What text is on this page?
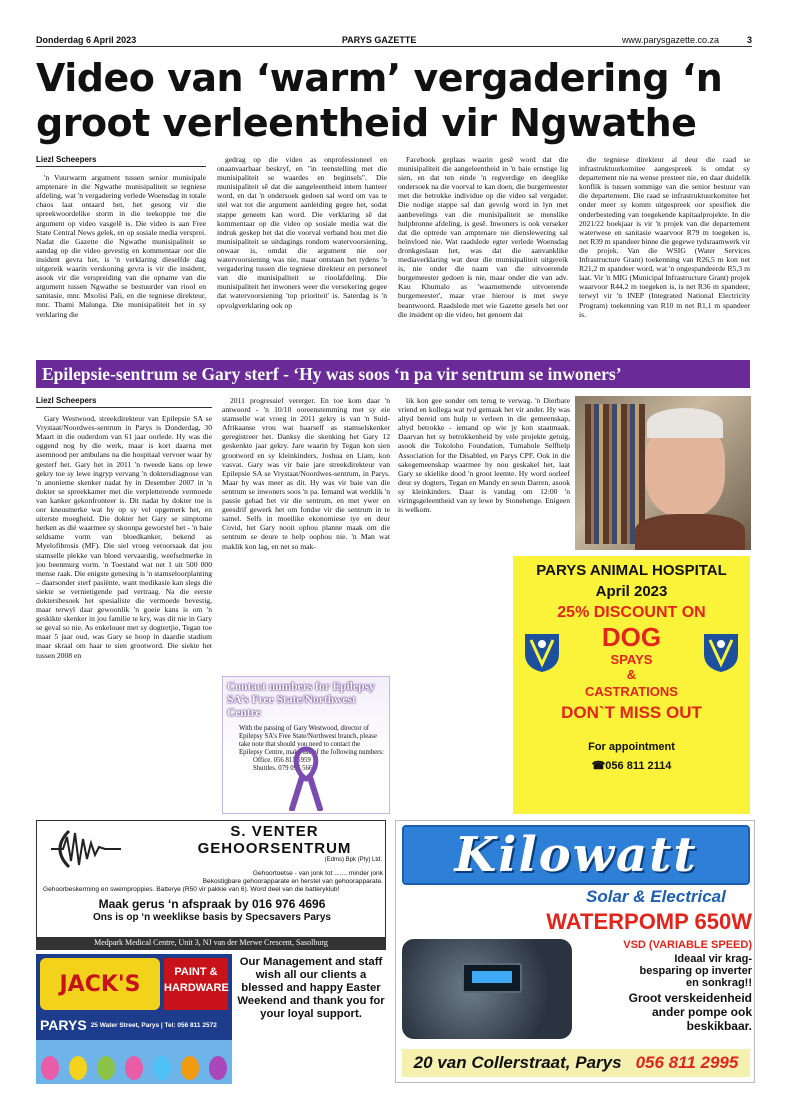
Donderdag 6 April 2023	PARYS GAZETTE	www.parysgazette.co.za	3
Video van ‘warm’ vergadering ‘n
groot verleentheid vir Ngwathe
Liezl Scheepers

'n Vuurwarm argument tussen senior munisipale amptenare in die Ngwathe munisipaliteit se tegniese afdeling, wat 'n vergadering verlede Woensdag in totale chaos laat ontaard het, het gesorg vir die spreekwoordelike storm in die teekoppie toe die argument op video vasgelê is. Die video is aan Free State Central News gelek, en op sosiale media versprei. Nadat die Gazette die Ngwathe munisipaliteit se aandag op die video gevestig en kommentaar oor die insident gevra het, is 'n verklaring dieselfde dag uitgereik waarin verskoning gevra is vir die insident, asook vir die verspreiding van die opname van die argument tussen Ngwathe se bestuurder van riool en sanitasie, mnr. Mxolisi Pali, en die tegniese direkteur, mnr. Thami Malunga. Die munisipaliteit het in sy verklaring die

gedrag op die video as onprofessioneel en onaanvaarbaar beskryf, en "in teenstelling met die munisipaliteit se waardes en beginsels". Die munisipaliteit sê dat die aangeleentheid intern hanteer word, en dat 'n ondersoek gedoen sal word om vas te stel wat tot die argument aanleiding gegee het, sodat stappe geneem kan word. Die verklaring sê dat kommentaar op die video op sosiale media wat die indruk geskep het dat die voorval verband hou met die munisipaliteit se uitdagings rondom watervoorsiening, onwaar is, omdat die argument nie oor watervoorsiening was nie, maar ontstaan het tydens 'n vergadering tussen die tegniese direkteur en personeel van die munisipaliteit se rioolafdeling. Die munisipaliteit het inwoners weer die versekering gegee dat watervoorsiening 'top prioriteit' is. Saterdag is 'n opvolgverklaring ook op

Facebook geplaas waarin gesê word dat die munisipaliteit die aangeleentheid in 'n baie ernstige lig sien, en dat ten einde 'n regverdige en deeglike ondersoek na die voorval te kan doen, die burgemeester met die betrokke individue op die video sal vergader. Die nodige stappe sal dan gevolg word in lyn met aanbevelings van die munisipaliteit se menslike hulpbronne afdeling, is gesê. Inwoners is ook verseker dat die optrede van amptenare nie dienslewering sal beïnvloed nie. Wat raadslede egter verlede Woensdag dronkgeslaan het, was dat die aanvanklike mediaverklaring wat deur die munisipaliteit uitgereik is, nie onder die naam van die uitvoerende burgemeester gedoen is nie, maar onder die van adv. Kau Khumalo as 'waarnemende uitvoerende burgemeester', maar vrae hieroor is met swye beantwoord. Raadslede met wie Gazette gesels het oor die insident op die video, het genoem dat

die tegniese direkteur al deur die raad se infrastruktuurkomitee aangespreek is omdat sy departement nie na wense presteer nie, en daar duidelik konflik is tussen sommige van die senior bestuur van die departement. Die raad se infrastruktuurkomitee het onder meer sy komm uitgespreek oor spesifiek die onderbesteding van toegekende kapitaalprojekte. In die 2021/22 boekjaar is vir 'n projek van die departement waterwese en sanitasie waarvoor R79 m toegeken is, net R39 m spandeer binne die gegewe tydsraamwerk vir die projek. Van die WSIG (Water Services Infrastructure Grant) toekenning van R26,5 m kon net R21,2 m spandeer word, wat 'n ongespandeerde R5,3 m laat. Vir 'n MIG (Municipal Infrastructure Grant) projek waarvoor R44,2 m toegeken is, is net R36 m spandeer, terwyl vir 'n INEP (Integrated National Electricity Program) toekenning van R10 m net R1,1 m spandeer is.

Epilepsie-sentrum se Gary sterf - ‘Hy was soos ‘n pa vir sentrum se inwoners’
Liezl Scheepers

Gary Westwood, streekdirekteur van Epilepsie SA se Vrystaat/Noordwes-sentrum in Parys is Donderdag, 30 Maart in die ouderdom van 61 jaar oorlede. Hy was die oggend nog by die werk, maar is kort daarna met asemnood per ambulans na die hospitaal vervoer waar hy gesterf het. Gary het in 2011 'n tweede kans op lewe gekry toe sy lewe ingryp vervang 'n doktersdiagnose van 'n anonieme skenker nadat hy in Desember 2007 in 'n dokter se spreekkamer met die verpletterende vermoede van kanker gekonfronteer is. Dit nadat hy dokter toe is oor kneusmerke wat hy op sy vel opgemerk het, en uiterste moegheid. Die dokter het Gary se simptome herken as dié waarmee sy skoonpa geworstel het - 'n baie seldsame vorm van bloedkanker, bekend as Myelofibrosis (MF). Die siel vroeg veroorsaak dat jou stamselle plekke van bloed vervaardig, weefselmerke in jou beenmurg vorm. 'n Toestand wat net 1 uit 500 000 mense raak. Die enigste genesing is 'n stamseloorplanting – daarsonder sterf pasiënte, want medikasie kan slegs die siekte se vernietigende pad vertraag. Na die eerste doktersbesoek het spesialiste die vermoede bevestig, maar terwyl daar gewoonlik 'n goeie kans is om 'n geskikte skenker in jou familie te kry, was dit nie in Gary se geval so nie. As enkelouer met sy dogtertjie, Tegan toe maar 5 jaar oud, was Gary se hoop in daardie stadium maar skraal om haar te sien grootword. Die siekte het tussen 2008 en

2011 progressief vererger. En toe kom daar 'n antwoord - 'n 10/10 ooreenstemming met sy eie stamselle wat vroeg in 2011 gekry is van 'n Suid-Afrikaanse vrou wat haarself as stamselskenker geregistreer het. Danksy die skenking het Gary 12 geskenkte jaar gekry. Jare waarin hy Tegan kon sien grootword en sy kleinkinders, Joshua en Liam, kon vasvat. Gary was vir baie jare streekdirekteur van Epilepsie SA se Vrystaat/Noordwes-sentrum, in Parys. Maar hy was meer as dit. Hy was vir baie van die sentrum se inwoners soos 'n pa. Iemand wat werklik 'n passie gehad het vir die sentrum, en met ywer en geesdrif gewerk het om fondse vir die sentrum in te samel. Selfs in moeilike ekonomiese tye en deur Covid, het Gary nooit ophou planne maak om die sentrum se deure te help oophou nie. 'n Man wat maklik kon lag, en net so mak-

lik kon gee sonder om terug te verwag. 'n Dierbare vriend en kollega wat tyd gemaak het vir ander. Hy was altyd bereid om hulp te verleen in die gemeenskap, altyd betrokke - iemand op wie jy kon staatmaak. Daarvan het sy betrokkenheid by vele projekte getuig, asook die Tokoloho Foundation, Tumahole Selfhelp Association for the Disabled, en Parys CPF. Ook in die sakegemeenskap waarmee hy nou geskakel het, laat Gary se skielike dood 'n groot leemte. Hy word oorleef deur sy dogters, Tegan en Mandy en seun Darren, asook sy kleinkinders. Daar is vandag om 12:00 'n viringsgeleentheid van sy lewe by Stonehenge. Enigeen is welkom.

Contact numbers for Epilepsy
SA’s Free State/Northwest Centre
With the passing of Gary Westwood, director of Epilepsy SA's Free State/Northwest branch, please take note that should you need to contact the Epilepsy Centre, make use of the following numbers:
Office. 056 811 5959
Shuttles. 079 096 5667
PARYS ANIMAL HOSPITAL
April 2023
25% DISCOUNT ON
DOG
SPAYS
&
CASTRATIONS
DON`T MISS OUT
For appointment
☎056 811 2114
S. VENTER
GEHOORSENTRUM
(Edms) Bpk (Pty) Ltd.
Gehoortoetse - van jonk tot ....... minder jonk
Bekostigbare gehoorapparate en herstel van gehoorapparate.
Gehoorbeskerming en swemproppies. Batterye (R50 vir pakkie van 6). Word deel van die batteryklub!
Maak gerus ‘n afspraak by 016 976 4696
Ons is op ‘n weeklikse basis by Specsavers Parys
Medpark Medical Centre, Unit 3, NJ van der Merwe Crescent, Sasolburg
Kilowatt
Solar & Electrical
WATERPOMP 650W
VSD (VARIABLE SPEED)
Ideaal vir krag-
besparing op inverter
en sonkrag!!
Groot verskeidenheid
ander pompe ook
beskikbaar.
20 van Collerstraat, Parys 056 811 2995
JACK'S	PAINT &
HARDWARE
PARYS 25 Water Street, Parys | Tel: 056 811 2572
Our Management and staff wish all our clients a blessed and happy Easter Weekend and thank you for your loyal support.
